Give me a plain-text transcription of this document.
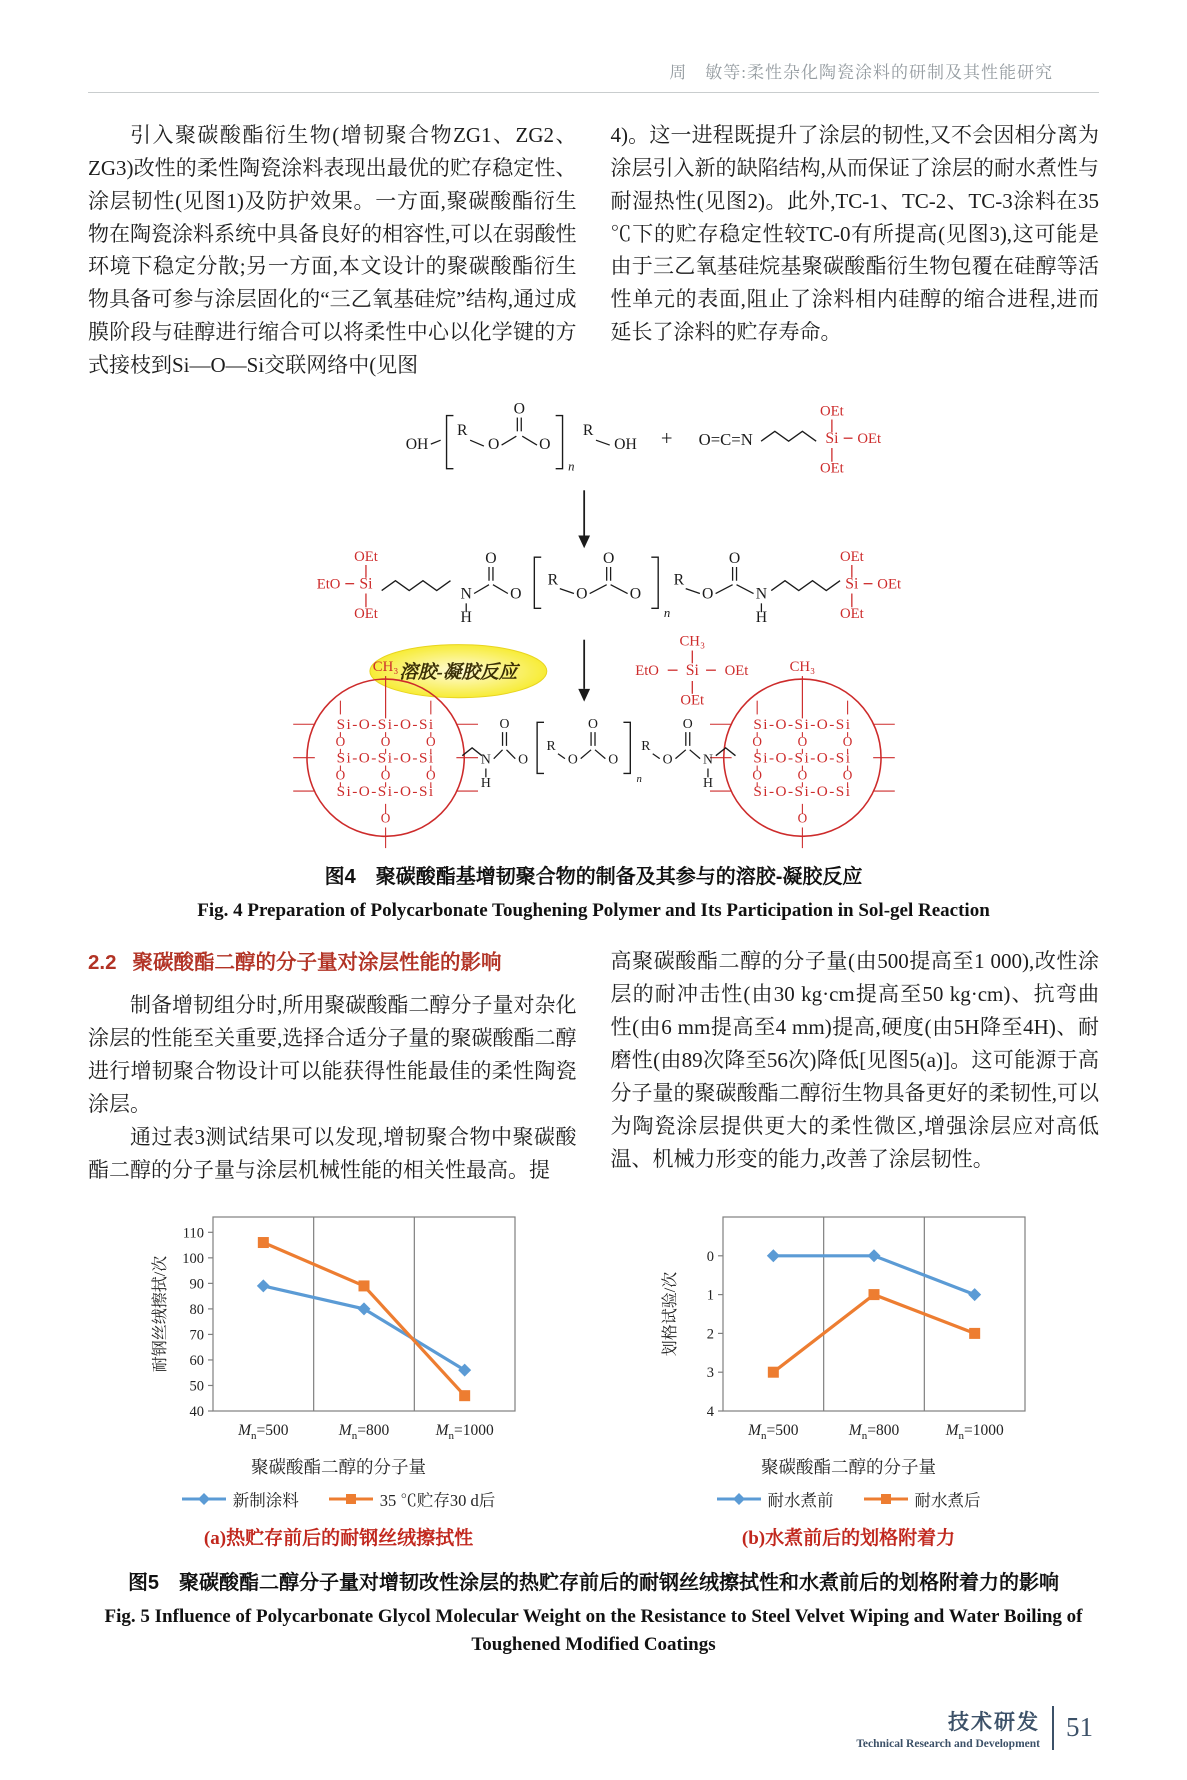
周　敏等:柔性杂化陶瓷涂料的研制及其性能研究

引入聚碳酸酯衍生物(增韧聚合物ZG1、ZG2、ZG3)改性的柔性陶瓷涂料表现出最优的贮存稳定性、涂层韧性(见图1)及防护效果。一方面,聚碳酸酯衍生物在陶瓷涂料系统中具备良好的相容性,可以在弱酸性环境下稳定分散;另一方面,本文设计的聚碳酸酯衍生物具备可参与涂层固化的“三乙氧基硅烷”结构,通过成膜阶段与硅醇进行缩合可以将柔性中心以化学键的方式接枝到Si—O—Si交联网络中(见图

4)。这一进程既提升了涂层的韧性,又不会因相分离为涂层引入新的缺陷结构,从而保证了涂层的耐水煮性与耐湿热性(见图2)。此外,TC-1、TC-2、TC-3涂料在35 ℃下的贮存稳定性较TC-0有所提高(见图3),这可能是由于三乙氧基硅烷基聚碳酸酯衍生物包覆在硅醇等活性单元的表面,阻止了涂料相内硅醇的缩合进程,进而延长了涂料的贮存寿命。

OH
R
O
O
O
n
R
OH + O=C=N	Si
OEt
OEt
OEt
Si
OEt
OEt
EtO
N
H
N
H
O	O	O	O
R	R
O	O	O
n
Si
OEt
OEt
OEt
溶胶-凝胶反应
CH₃
EtO Si OEt
OEt
Si-O-Si-O-Si
Si-O-Si-O-Si
Si-O-Si-O-Si
O	O	O
O	O	O
CH₃
O
Si-O-Si-O-Si
Si-O-Si-O-Si
Si-O-Si-O-Si
O	O	O
O	O	O
CH₃
O
N
H
N
H
O	O O	O
R	R
O	O	O
n
图4　聚碳酸酯基增韧聚合物的制备及其参与的溶胶-凝胶反应
Fig. 4 Preparation of Polycarbonate Toughening Polymer and Its Participation in Sol-gel Reaction
2.2 聚碳酸酯二醇的分子量对涂层性能的影响

制备增韧组分时,所用聚碳酸酯二醇分子量对杂化涂层的性能至关重要,选择合适分子量的聚碳酸酯二醇进行增韧聚合物设计可以能获得性能最佳的柔性陶瓷涂层。

通过表3测试结果可以发现,增韧聚合物中聚碳酸酯二醇的分子量与涂层机械性能的相关性最高。提

高聚碳酸酯二醇的分子量(由500提高至1 000),改性涂层的耐冲击性(由30 kg·cm提高至50 kg·cm)、抗弯曲性(由6 mm提高至4 mm)提高,硬度(由5H降至4H)、耐磨性(由89次降至56次)降低[见图5(a)]。这可能源于高分子量的聚碳酸酯二醇衍生物具备更好的柔韧性,可以为陶瓷涂层提供更大的柔性微区,增强涂层应对高低温、机械力形变的能力,改善了涂层韧性。

40
50
60
70
80
90
100
110
$M_n=500$	$M_n=800$	$M_n=1000$
耐钢丝绒擦拭/次
聚碳酸酯二醇的分子量
新制涂料	35 ℃贮存30 d后
(a)热贮存前后的耐钢丝绒擦拭性
0
1
2
3
4
$M_n=500$	$M_n=800$	$M_n=1000$
划格试验/次
聚碳酸酯二醇的分子量
耐水煮前	耐水煮后
(b)水煮前后的划格附着力
图5　聚碳酸酯二醇分子量对增韧改性涂层的热贮存前后的耐钢丝绒擦拭性和水煮前后的划格附着力的影响
Fig. 5 Influence of Polycarbonate Glycol Molecular Weight on the Resistance to Steel Velvet Wiping and Water Boiling of Toughened Modified Coatings
技术研发
Technical Research and Development
51
